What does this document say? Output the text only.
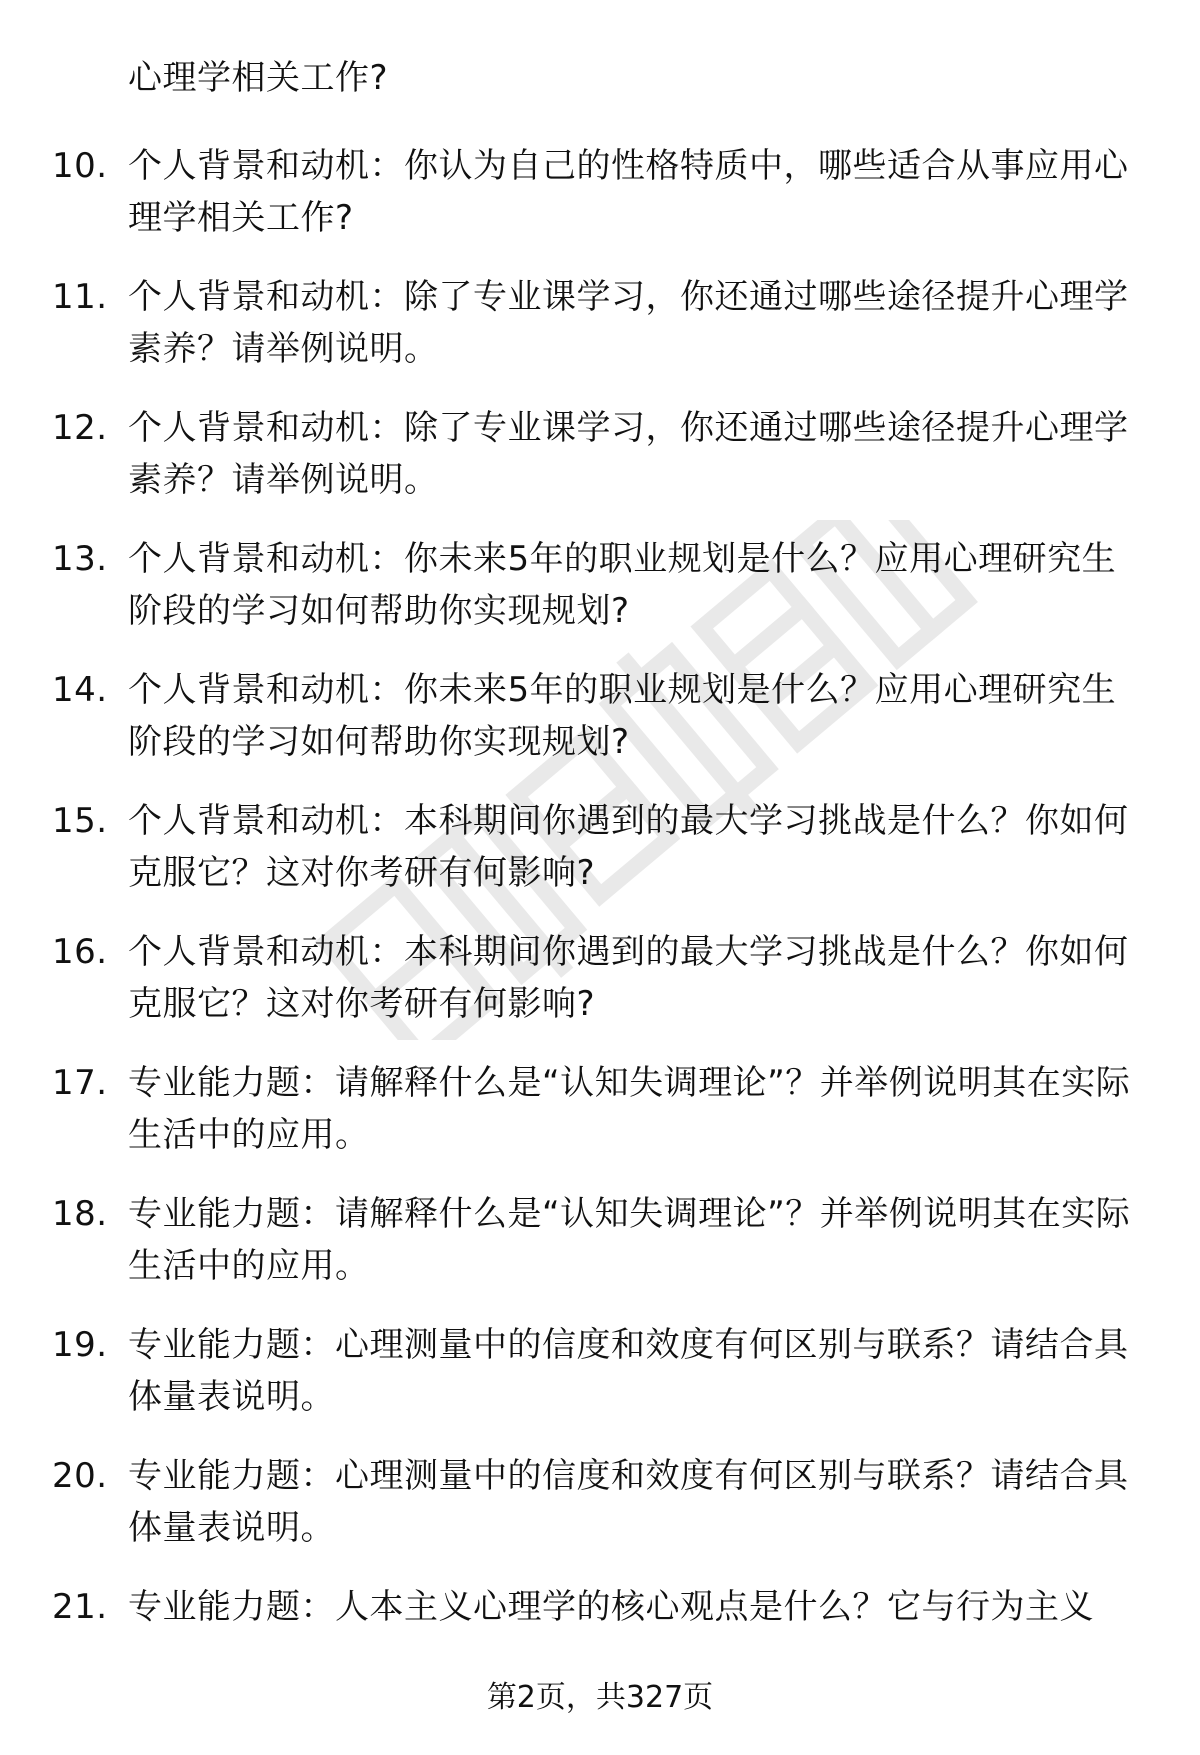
心理学相关工作?
10. 个人背景和动机：你认为自己的性格特质中，哪些适合从事应用心理学相关工作?
11. 个人背景和动机：除了专业课学习，你还通过哪些途径提升心理学素养？请举例说明。
12. 个人背景和动机：除了专业课学习，你还通过哪些途径提升心理学素养？请举例说明。
13. 个人背景和动机：你未来5年的职业规划是什么？应用心理研究生阶段的学习如何帮助你实现规划?
14. 个人背景和动机：你未来5年的职业规划是什么？应用心理研究生阶段的学习如何帮助你实现规划?
15. 个人背景和动机：本科期间你遇到的最大学习挑战是什么？你如何克服它？这对你考研有何影响?
16. 个人背景和动机：本科期间你遇到的最大学习挑战是什么？你如何克服它？这对你考研有何影响?
17. 专业能力题：请解释什么是“认知失调理论”？并举例说明其在实际生活中的应用。
18. 专业能力题：请解释什么是“认知失调理论”？并举例说明其在实际生活中的应用。
19. 专业能力题：心理测量中的信度和效度有何区别与联系？请结合具体量表说明。
20. 专业能力题：心理测量中的信度和效度有何区别与联系？请结合具体量表说明。
21. 专业能力题：人本主义心理学的核心观点是什么？它与行为主义
第2页，共327页
